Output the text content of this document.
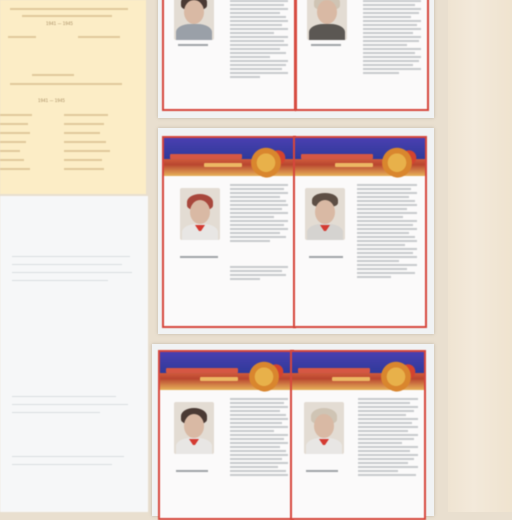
1941 — 1945
1941 — 1945
